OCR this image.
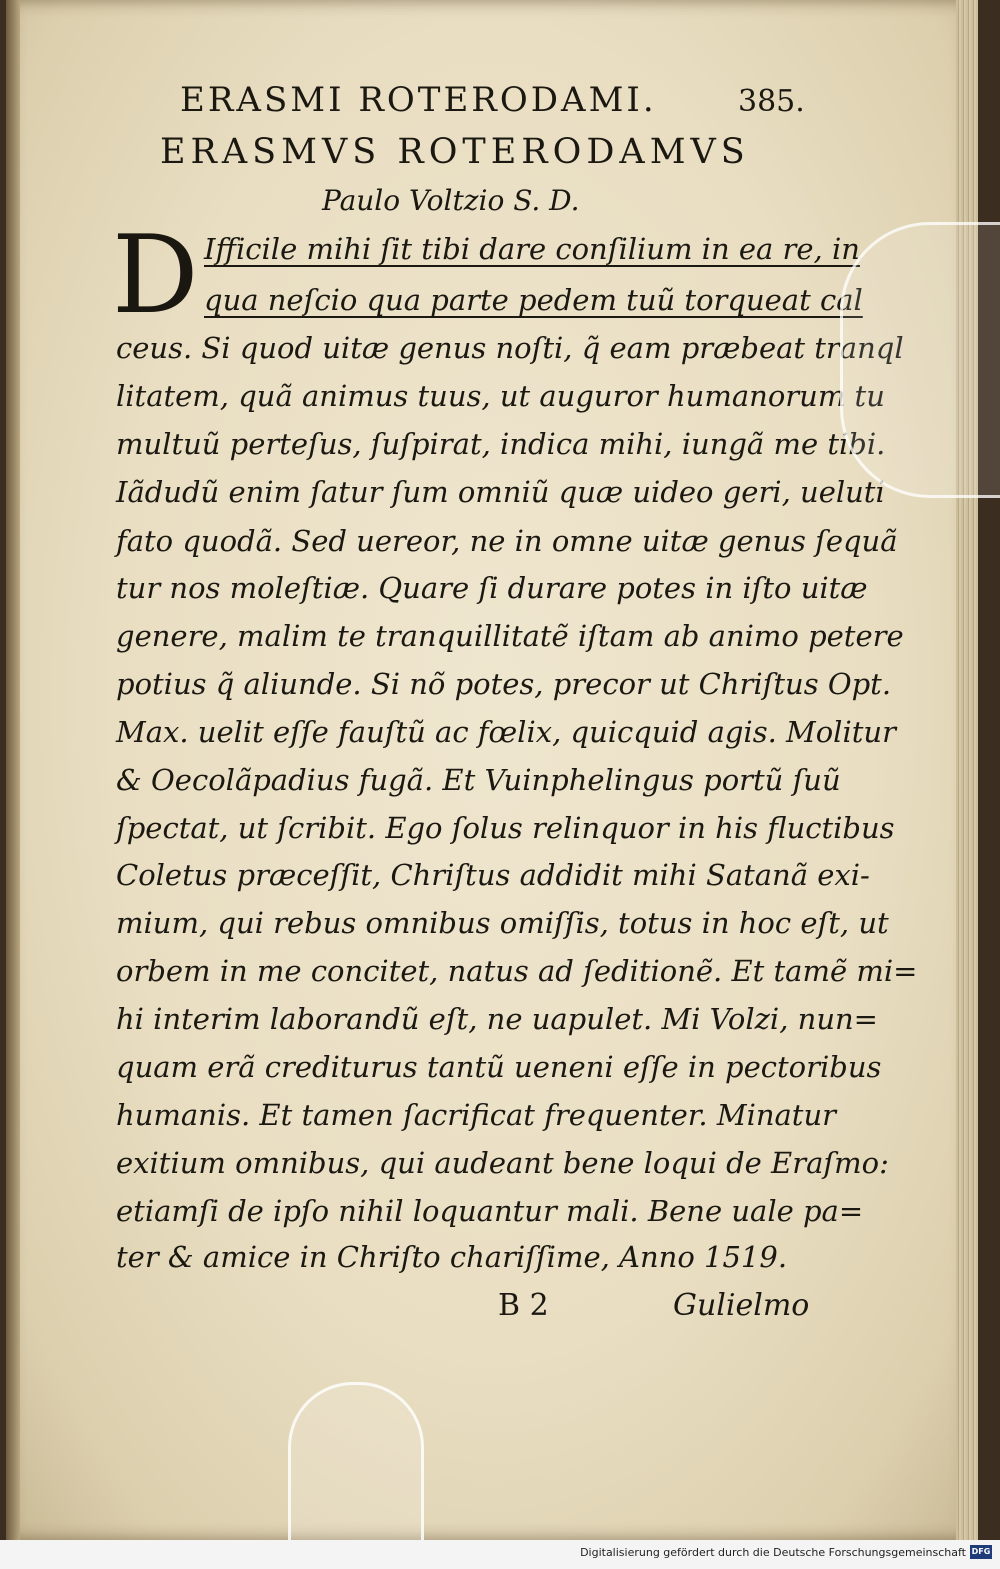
ERASMI ROTERODAMI.	385.
ERASMVS ROTERODAMVS
Paulo Voltzio S. D.
D Ifficile mihi ſit tibi dare conſilium in ea re, in
qua neſcio qua parte pedem tuũ torqueat cal
ceus. Si quod uitæ genus noſti, q̃ eam præbeat tranql
litatem, quã animus tuus, ut auguror humanorum tu
multuũ perteſus, ſuſpirat, indica mihi, iungã me tibi.
Iãdudũ enim ſatur ſum omniũ quæ uideo geri, ueluti
fato quodã. Sed uereor, ne in omne uitæ genus ſequã
tur nos moleſtiæ. Quare ſi durare potes in iſto uitæ
genere, malim te tranquillitatẽ iſtam ab animo petere
potius q̃ aliunde. Si nõ potes, precor ut Chriſtus Opt.
Max. uelit eſſe fauſtũ ac fœlix, quicquid agis. Molitur
& Oecolãpadius fugã. Et Vuinphelingus portũ ſuũ
ſpectat, ut ſcribit. Ego ſolus relinquor in his fluctibus
Coletus præceſſit, Chriſtus addidit mihi Satanã exi-
mium, qui rebus omnibus omiſſis, totus in hoc eſt, ut
orbem in me concitet, natus ad ſeditionẽ. Et tamẽ mi=
hi interim laborandũ eſt, ne uapulet. Mi Volzi, nun=
quam erã crediturus tantũ ueneni eſſe in pectoribus
humanis. Et tamen ſacrificat frequenter. Minatur
exitium omnibus, qui audeant bene loqui de Eraſmo:
etiamſi de ipſo nihil loquantur mali. Bene uale pa=
ter & amice in Chriſto chariſſime, Anno 1519.
B 2	Gulielmo
Digitalisierung gefördert durch die Deutsche Forschungsgemeinschaft DFG
